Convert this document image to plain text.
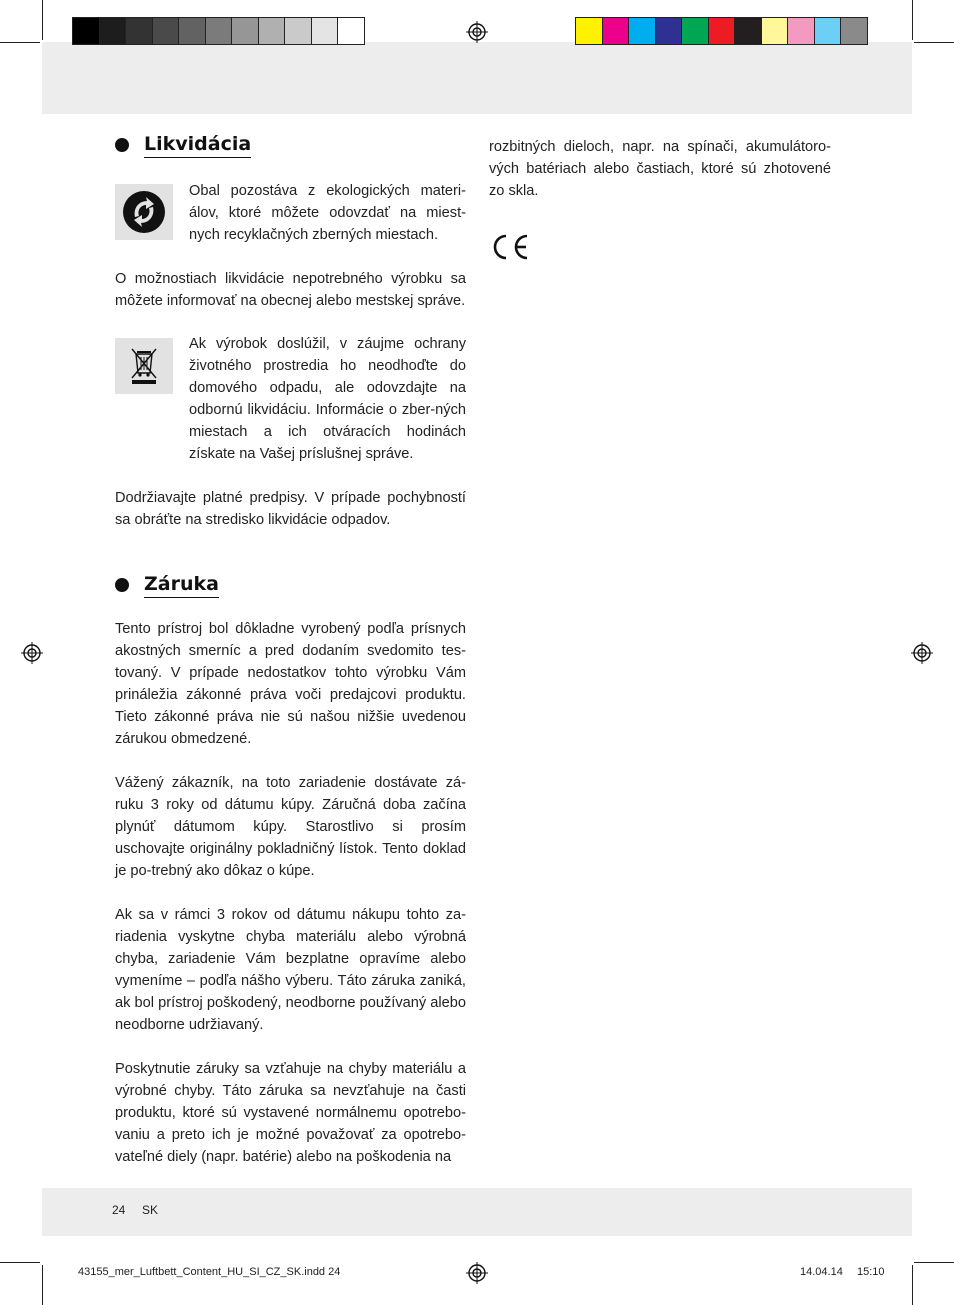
Likvidácia
Obal pozostáva z ekologických materi-álov, ktoré môžete odovzdať na miest-nych recyklačných zberných miestach.
O možnostiach likvidácie nepotrebného výrobku sa môžete informovať na obecnej alebo mestskej správe.
Ak výrobok doslúžil, v záujme ochrany životného prostredia ho neodhoďte do domového odpadu, ale odovzdajte na odbornú likvidáciu. Informácie o zber-ných miestach a ich otváracích hodinách získate na Vašej príslušnej správe.
Dodržiavajte platné predpisy. V prípade pochybností sa obráťte na stredisko likvidácie odpadov.
Záruka

Tento prístroj bol dôkladne vyrobený podľa prísnych akostných smerníc a pred dodaním svedomito tes-tovaný. V prípade nedostatkov tohto výrobku Vám prináležia zákonné práva voči predajcovi produktu. Tieto zákonné práva nie sú našou nižšie uvedenou zárukou obmedzené.

Vážený zákazník, na toto zariadenie dostávate zá-ruku 3 roky od dátumu kúpy. Záručná doba začína plynúť dátumom kúpy. Starostlivo si prosím uschovajte originálny pokladničný lístok. Tento doklad je po-trebný ako dôkaz o kúpe.

Ak sa v rámci 3 rokov od dátumu nákupu tohto za-riadenia vyskytne chyba materiálu alebo výrobná chyba, zariadenie Vám bezplatne opravíme alebo vymeníme – podľa nášho výberu. Táto záruka zaniká, ak bol prístroj poškodený, neodborne používaný alebo neodborne udržiavaný.

Poskytnutie záruky sa vzťahuje na chyby materiálu a výrobné chyby. Táto záruka sa nevzťahuje na časti produktu, ktoré sú vystavené normálnemu opotrebo-vaniu a preto ich je možné považovať za opotrebo-vateľné diely (napr. batérie) alebo na poškodenia na

rozbitných dieloch, napr. na spínači, akumulátoro-vých batériach alebo častiach, ktoré sú zhotovené zo skla.
24 SK
43155_mer_Luftbett_Content_HU_SI_CZ_SK.indd 24	14.04.14 15:10
